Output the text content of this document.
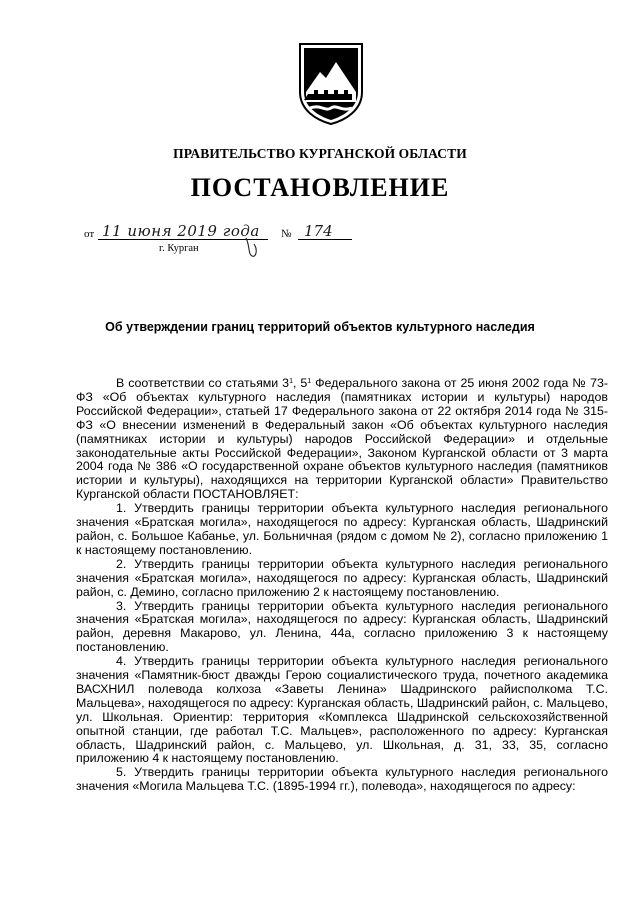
ПРАВИТЕЛЬСТВО КУРГАНСКОЙ ОБЛАСТИ
ПОСТАНОВЛЕНИЕ
от 11 июня 2019 года № 174
г. Курган
Об утверждении границ территорий объектов культурного наследия

В соответствии со статьями $3^1$, $5^1$ Федерального закона от 25 июня 2002 года № 73-ФЗ «Об объектах культурного наследия (памятниках истории и культуры) народов Российской Федерации», статьей 17 Федерального закона от 22 октября 2014 года № 315-ФЗ «О внесении изменений в Федеральный закон «Об объектах культурного наследия (памятниках истории и культуры) народов Российской Федерации» и отдельные законодательные акты Российской Федерации», Законом Курганской области от 3 марта 2004 года № 386 «О государственной охране объектов культурного наследия (памятников истории и культуры), находящихся на территории Курганской области» Правительство Курганской области ПОСТАНОВЛЯЕТ:

1. Утвердить границы территории объекта культурного наследия регионального значения «Братская могила», находящегося по адресу: Курганская область, Шадринский район, с. Большое Кабанье, ул. Больничная (рядом с домом № 2), согласно приложению 1 к настоящему постановлению.

2. Утвердить границы территории объекта культурного наследия регионального значения «Братская могила», находящегося по адресу: Курганская область, Шадринский район, с. Демино, согласно приложению 2 к настоящему постановлению.

3. Утвердить границы территории объекта культурного наследия регионального значения «Братская могила», находящегося по адресу: Курганская область, Шадринский район, деревня Макарово, ул. Ленина, 44а, согласно приложению 3 к настоящему постановлению.

4. Утвердить границы территории объекта культурного наследия регионального значения «Памятник-бюст дважды Герою социалистического труда, почетного академика ВАСХНИЛ полевода колхоза «Заветы Ленина» Шадринского райисполкома Т.С. Мальцева», находящегося по адресу: Курганская область, Шадринский район, с. Мальцево, ул. Школьная. Ориентир: территория «Комплекса Шадринской сельскохозяйственной опытной станции, где работал Т.С. Мальцев», расположенного по адресу: Курганская область, Шадринский район, с. Мальцево, ул. Школьная, д. 31, 33, 35, согласно приложению 4 к настоящему постановлению.

5. Утвердить границы территории объекта культурного наследия регионального значения «Могила Мальцева Т.С. (1895-1994 гг.), полевода», находящегося по адресу:
